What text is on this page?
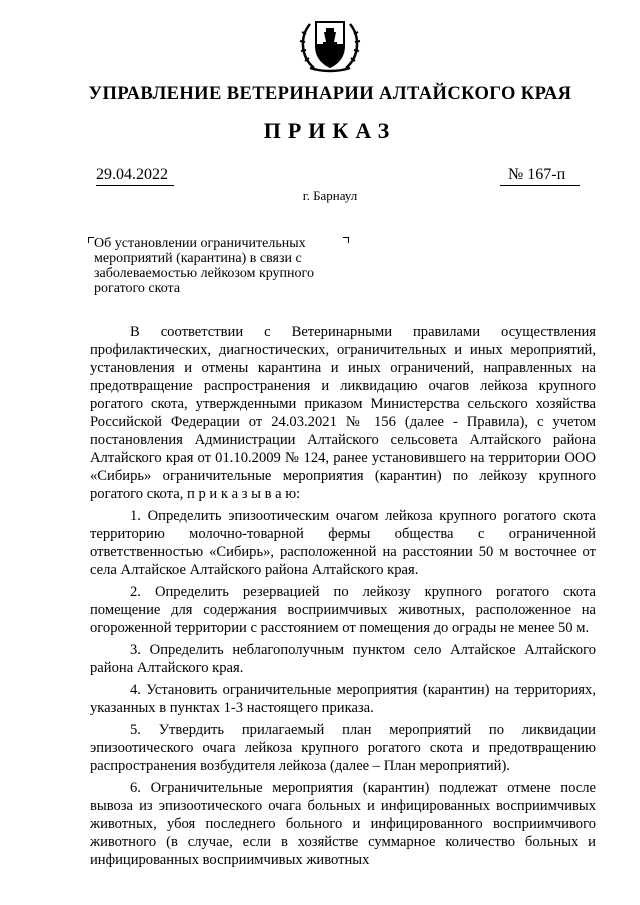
УПРАВЛЕНИЕ ВЕТЕРИНАРИИ АЛТАЙСКОГО КРАЯ
ПРИКАЗ
29.04.2022	№ 167-п
г. Барнаул
Об установлении ограничительных
мероприятий (карантина) в связи с
заболеваемостью лейкозом крупного
рогатого скота

В соответствии с Ветеринарными правилами осуществления профилактических, диагностических, ограничительных и иных мероприятий, установления и отмены карантина и иных ограничений, направленных на предотвращение распространения и ликвидацию очагов лейкоза крупного рогатого скота, утвержденными приказом Министерства сельского хозяйства Российской Федерации от 24.03.2021 № 156 (далее - Правила), с учетом постановления Администрации Алтайского сельсовета Алтайского района Алтайского края от 01.10.2009 № 124, ранее установившего на территории ООО «Сибирь» ограничительные мероприятия (карантин) по лейкозу крупного рогатого скота, п р и к а з ы в а ю:

1. Определить эпизоотическим очагом лейкоза крупного рогатого скота территорию молочно-товарной фермы общества с ограниченной ответственностью «Сибирь», расположенной на расстоянии 50 м восточнее от села Алтайское Алтайского района Алтайского края.

2. Определить резервацией по лейкозу крупного рогатого скота помещение для содержания восприимчивых животных, расположенное на огороженной территории с расстоянием от помещения до ограды не менее 50 м.

3. Определить неблагополучным пунктом село Алтайское Алтайского района Алтайского края.

4. Установить ограничительные мероприятия (карантин) на территориях, указанных в пунктах 1-3 настоящего приказа.

5. Утвердить прилагаемый план мероприятий по ликвидации эпизоотического очага лейкоза крупного рогатого скота и предотвращению распространения возбудителя лейкоза (далее – План мероприятий).

6. Ограничительные мероприятия (карантин) подлежат отмене после вывоза из эпизоотического очага больных и инфицированных восприимчивых животных, убоя последнего больного и инфицированного восприимчивого животного (в случае, если в хозяйстве суммарное количество больных и инфицированных восприимчивых животных
